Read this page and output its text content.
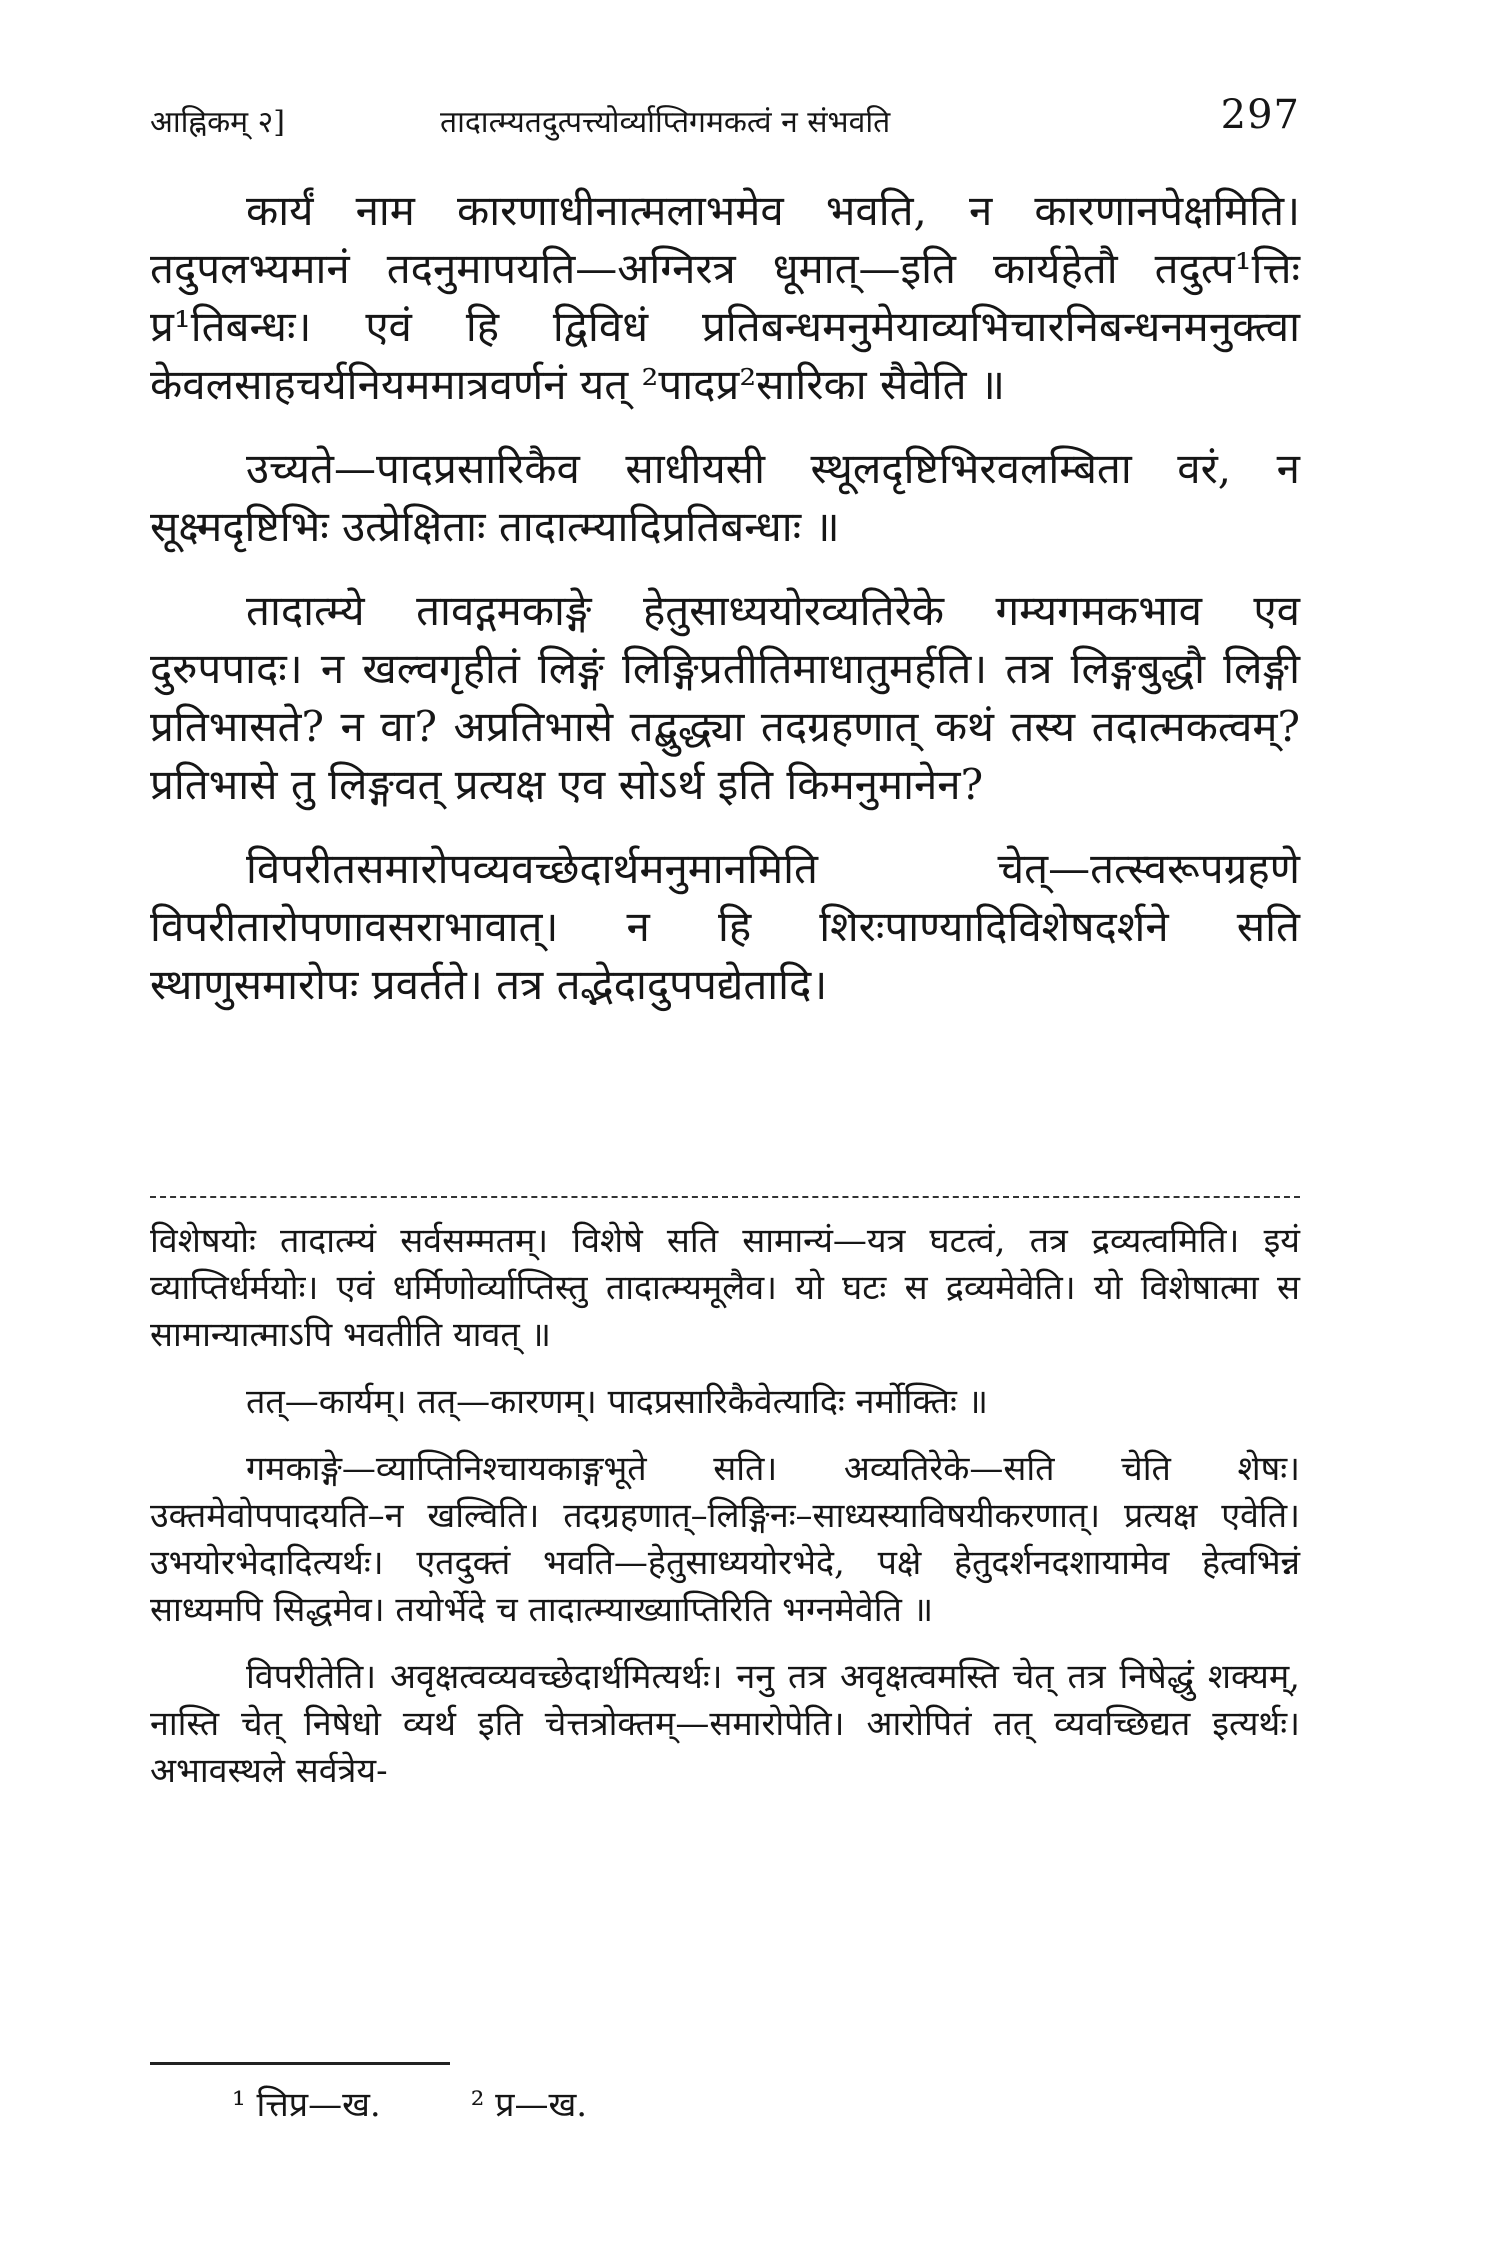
आह्निकम् २]	तादात्म्यतदुत्पत्त्योर्व्याप्तिगमकत्वं न संभवति	297

कार्यं नाम कारणाधीनात्मलाभमेव भवति, न कारणानपेक्षमिति। तदुपलभ्यमानं तदनुमापयति—अग्निरत्र धूमात्—इति कार्यहेतौ तदुत्प¹त्तिः प्र¹तिबन्धः। एवं हि द्विविधं प्रतिबन्धमनुमेयाव्यभिचारनिबन्धनमनुक्त्वा केवलसाहचर्यनियममात्रवर्णनं यत् ²पादप्र²सारिका सैवेति ॥

उच्यते—पादप्रसारिकैव साधीयसी स्थूलदृष्टिभिरवलम्बिता वरं, न सूक्ष्मदृष्टिभिः उत्प्रेक्षिताः तादात्म्यादिप्रतिबन्धाः ॥

तादात्म्ये तावद्गमकाङ्गे हेतुसाध्ययोरव्यतिरेके गम्यगमकभाव एव दुरुपपादः। न खल्वगृहीतं लिङ्गं लिङ्गिप्रतीतिमाधातुमर्हति। तत्र लिङ्गबुद्धौ लिङ्गी प्रतिभासते? न वा? अप्रतिभासे तद्बुद्ध्या तदग्रहणात् कथं तस्य तदात्मकत्वम्? प्रतिभासे तु लिङ्गवत् प्रत्यक्ष एव सोऽर्थ इति किमनुमानेन?

विपरीतसमारोपव्यवच्छेदार्थमनुमानमिति चेत्—तत्स्वरूपग्रहणे विपरीतारोपणावसराभावात्। न हि शिरःपाण्यादिविशेषदर्शने सति स्थाणुसमारोपः प्रवर्तते। तत्र तद्भेदादुपपद्येतादि।

विशेषयोः तादात्म्यं सर्वसम्मतम्। विशेषे सति सामान्यं—यत्र घटत्वं, तत्र द्रव्यत्वमिति। इयं व्याप्तिर्धर्मयोः। एवं धर्मिणोर्व्याप्तिस्तु तादात्म्यमूलैव। यो घटः स द्रव्यमेवेति। यो विशेषात्मा स सामान्यात्माऽपि भवतीति यावत् ॥

तत्—कार्यम्। तत्—कारणम्। पादप्रसारिकैवेत्यादिः नर्मोक्तिः ॥

गमकाङ्गे—व्याप्तिनिश्चायकाङ्गभूते सति। अव्यतिरेके—सति चेति शेषः। उक्तमेवोपपादयति–न खल्विति। तदग्रहणात्–लिङ्गिनः–साध्यस्याविषयीकरणात्। प्रत्यक्ष एवेति। उभयोरभेदादित्यर्थः। एतदुक्तं भवति—हेतुसाध्ययोरभेदे, पक्षे हेतुदर्शनदशायामेव हेत्वभिन्नं साध्यमपि सिद्धमेव। तयोर्भेदे च तादात्म्याख्याप्तिरिति भग्नमेवेति ॥

विपरीतेति। अवृक्षत्वव्यवच्छेदार्थमित्यर्थः। ननु तत्र अवृक्षत्वमस्ति चेत् तत्र निषेद्धुं शक्यम्, नास्ति चेत् निषेधो व्यर्थ इति चेत्तत्रोक्तम्—समारोपेति। आरोपितं तत् व्यवच्छिद्यत इत्यर्थः। अभावस्थले सर्वत्रेय-

¹ त्तिप्र—ख.	² प्र—ख.
